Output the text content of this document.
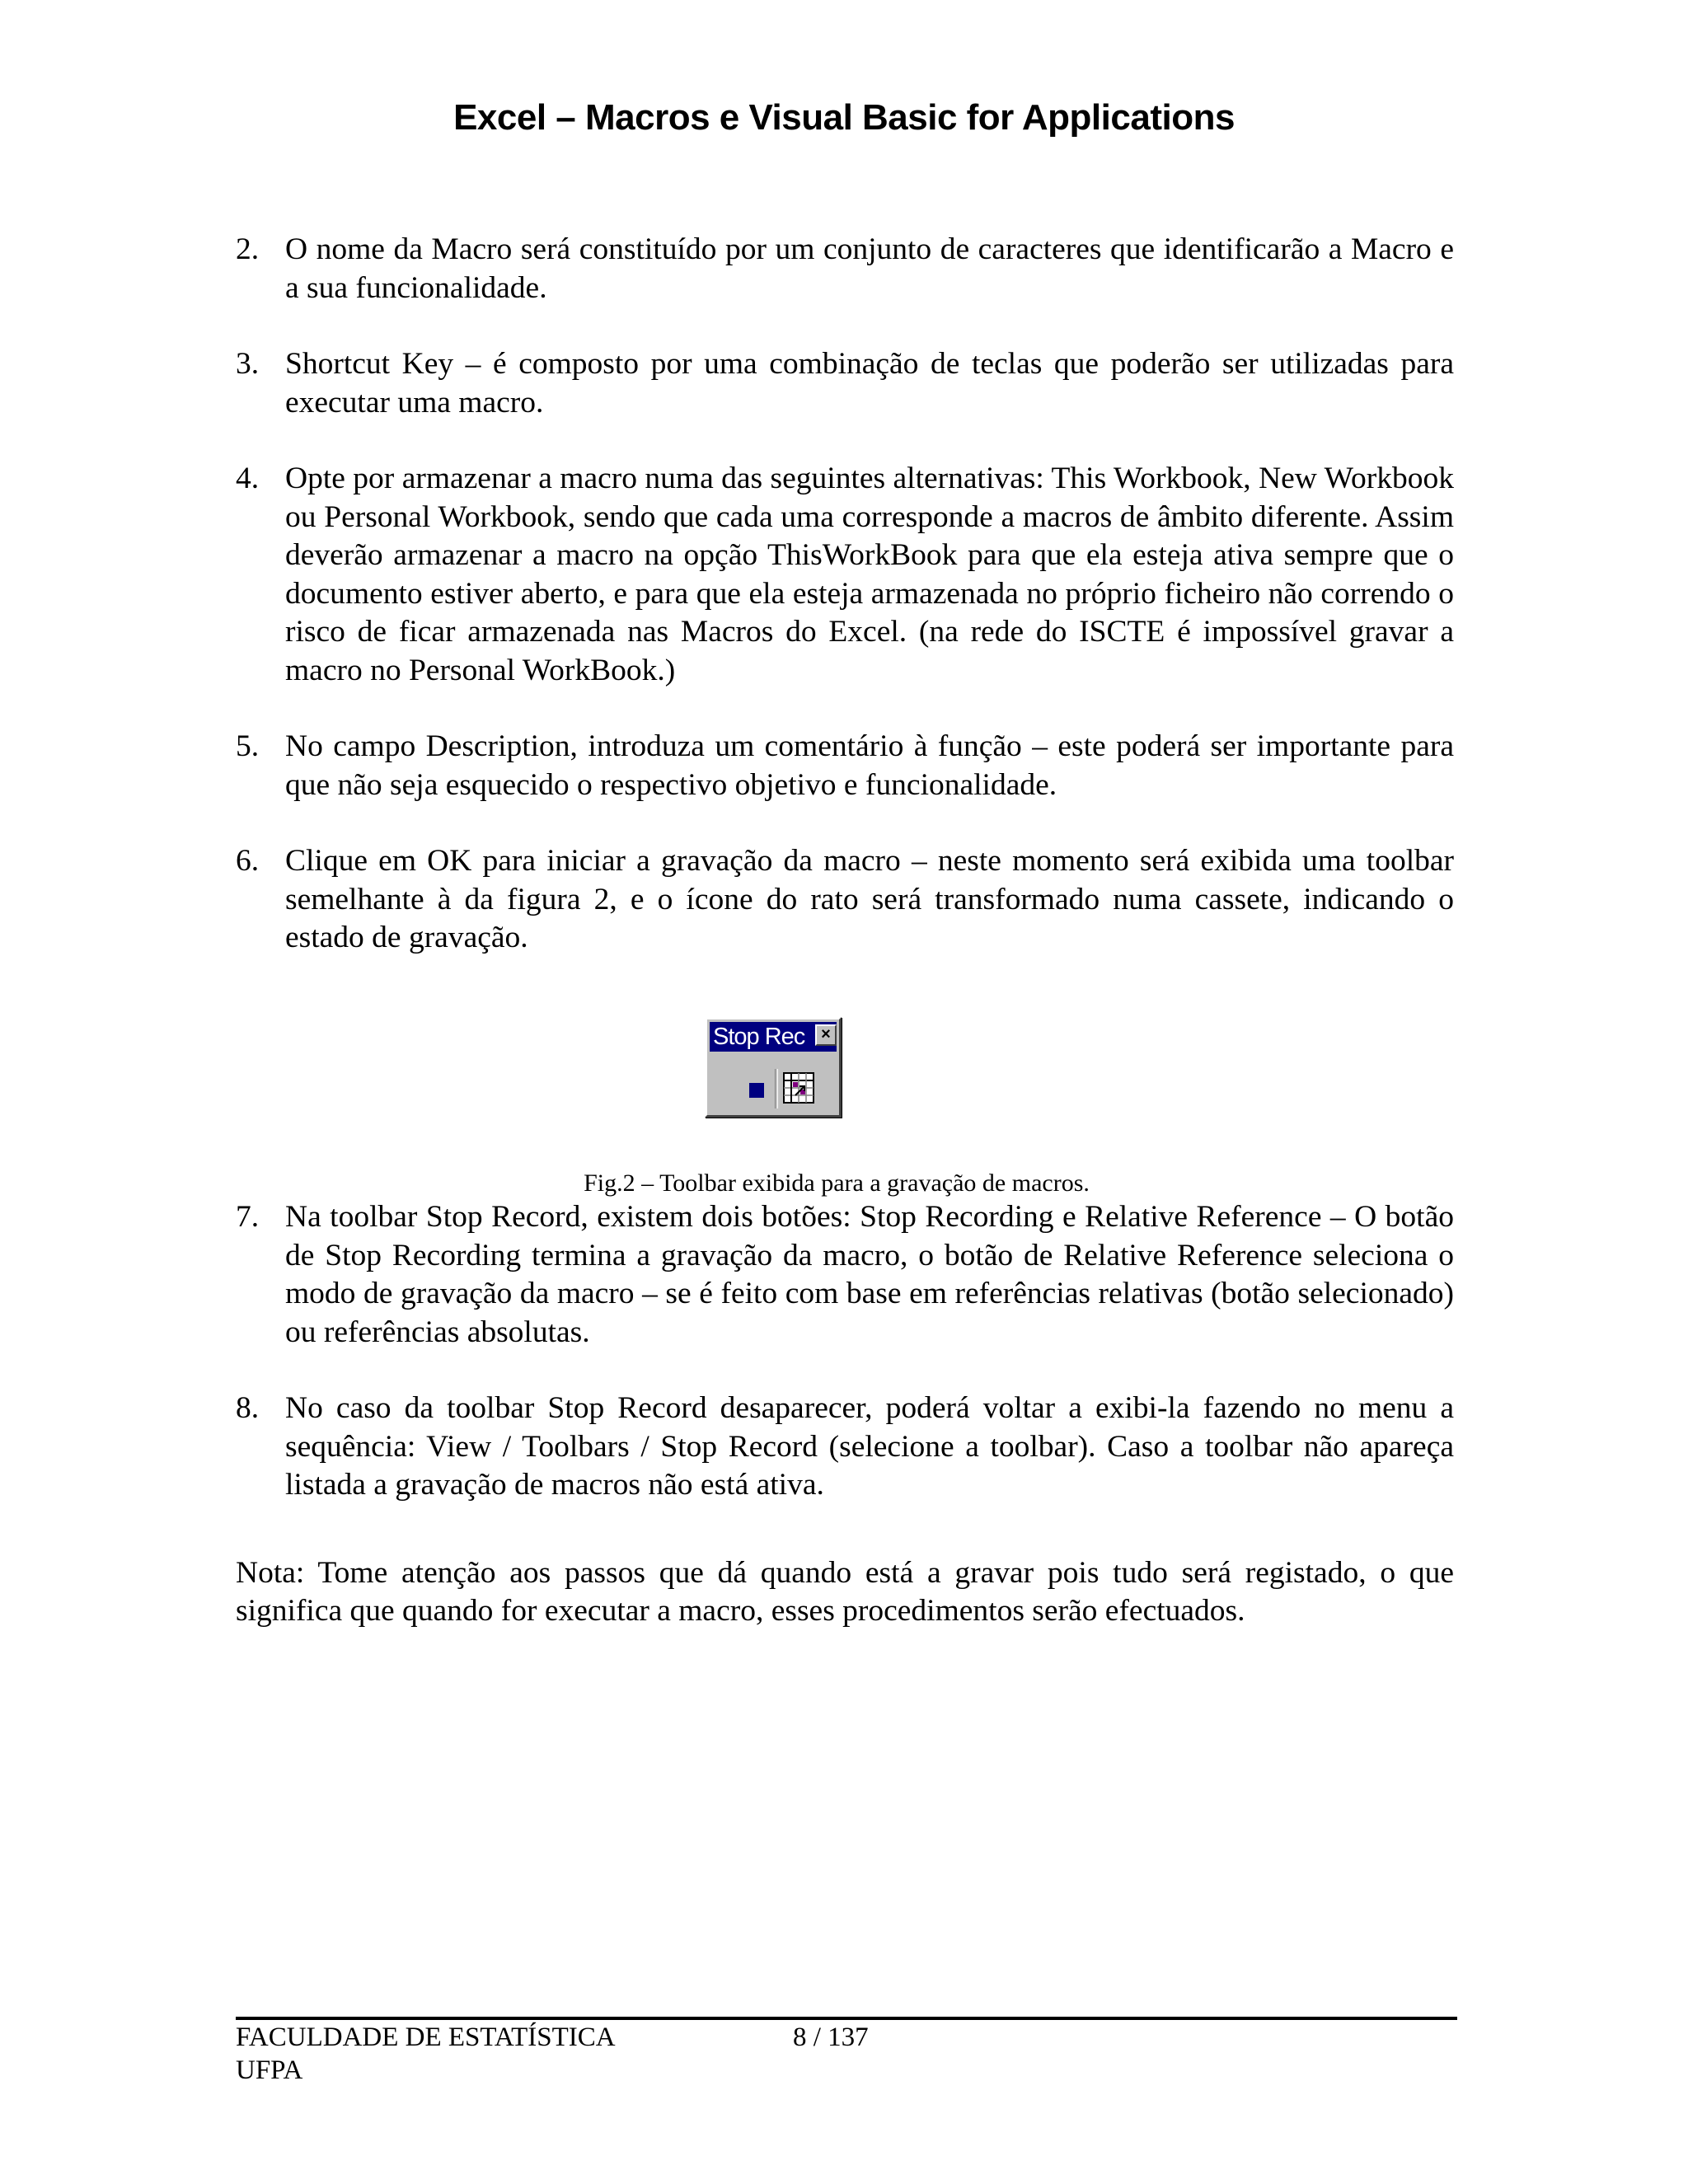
Excel – Macros e Visual Basic for Applications
2. O nome da Macro será constituído por um conjunto de caracteres que identificarão a Macro e a sua funcionalidade.
3. Shortcut Key – é composto por uma combinação de teclas que poderão ser utilizadas para executar uma macro.
4. Opte por armazenar a macro numa das seguintes alternativas: This Workbook, New Workbook ou Personal Workbook, sendo que cada uma corresponde a macros de âmbito diferente. Assim deverão armazenar a macro na opção ThisWorkBook para que ela esteja ativa sempre que o documento estiver aberto, e para que ela esteja armazenada no próprio ficheiro não correndo o risco de ficar armazenada nas Macros do Excel. (na rede do ISCTE é impossível gravar a macro no Personal WorkBook.)
5. No campo Description, introduza um comentário à função – este poderá ser importante para que não seja esquecido o respectivo objetivo e funcionalidade.
6. Clique em OK para iniciar a gravação da macro – neste momento será exibida uma toolbar semelhante à da figura 2, e o ícone do rato será transformado numa cassete, indicando o estado de gravação.
Stop Rec ×
Fig.2 – Toolbar exibida para a gravação de macros.
7. Na toolbar Stop Record, existem dois botões: Stop Recording e Relative Reference – O botão de Stop Recording termina a gravação da macro, o botão de Relative Reference seleciona o modo de gravação da macro – se é feito com base em referências relativas (botão selecionado) ou referências absolutas.
8. No caso da toolbar Stop Record desaparecer, poderá voltar a exibi-la fazendo no menu a sequência: View / Toolbars / Stop Record (selecione a toolbar). Caso a toolbar não apareça listada a gravação de macros não está ativa.

Nota: Tome atenção aos passos que dá quando está a gravar pois tudo será registado, o que significa que quando for executar a macro, esses procedimentos serão efectuados.

FACULDADE DE ESTATÍSTICA
UFPA
8 / 137
